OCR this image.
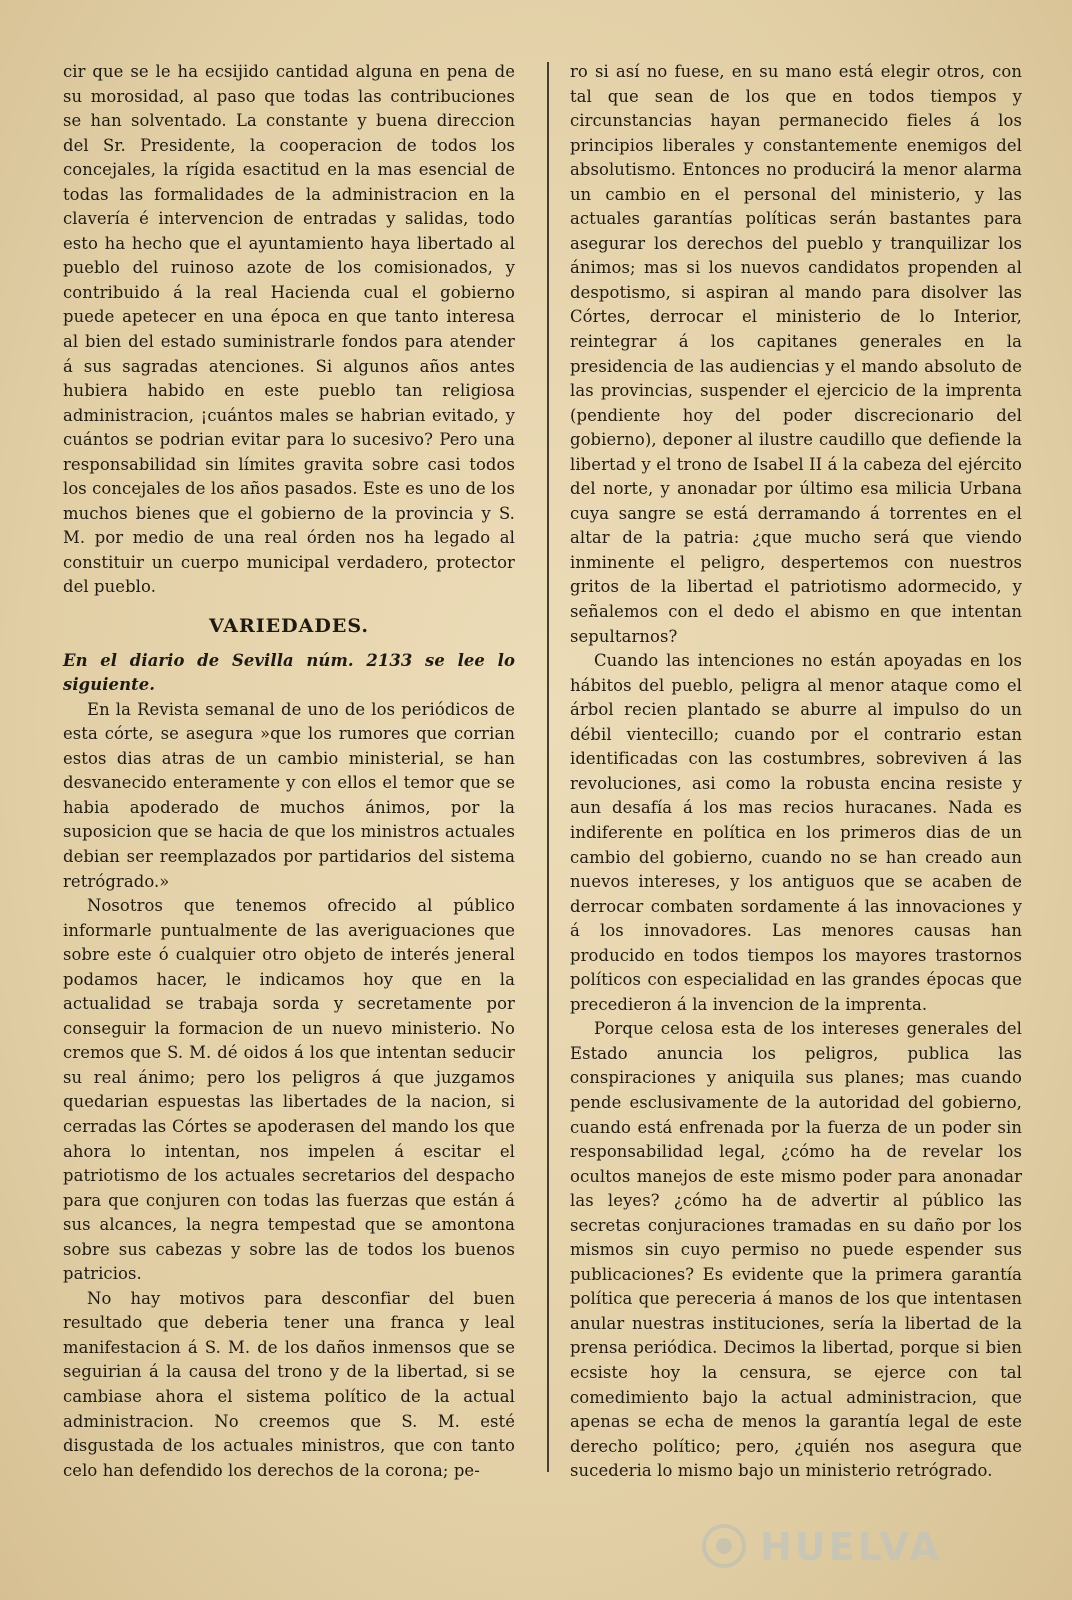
cir que se le ha ecsijido cantidad alguna en pena de su morosidad, al paso que todas las contribuciones se han solventado. La constante y buena direccion del Sr. Presidente, la cooperacion de todos los concejales, la rígida esactitud en la mas esencial de todas las formalidades de la administracion en la clavería é intervencion de entradas y salidas, todo esto ha hecho que el ayuntamiento haya libertado al pueblo del ruinoso azote de los comisionados, y contribuido á la real Hacienda cual el gobierno puede apetecer en una época en que tanto interesa al bien del estado suministrarle fondos para atender á sus sagradas atenciones. Si algunos años antes hubiera habido en este pueblo tan religiosa administracion, ¡cuántos males se habrian evitado, y cuántos se podrian evitar para lo sucesivo? Pero una responsabilidad sin límites gravita sobre casi todos los concejales de los años pasados. Este es uno de los muchos bienes que el gobierno de la provincia y S. M. por medio de una real órden nos ha legado al constituir un cuerpo municipal verdadero, protector del pueblo.

VARIEDADES.

En el diario de Sevilla núm. 2133 se lee lo siguiente.

En la Revista semanal de uno de los periódicos de esta córte, se asegura »que los rumores que corrian estos dias atras de un cambio ministerial, se han desvanecido enteramente y con ellos el temor que se habia apoderado de muchos ánimos, por la suposicion que se hacia de que los ministros actuales debian ser reemplazados por partidarios del sistema retrógrado.»

Nosotros que tenemos ofrecido al público informarle puntualmente de las averiguaciones que sobre este ó cualquier otro objeto de interés jeneral podamos hacer, le indicamos hoy que en la actualidad se trabaja sorda y secretamente por conseguir la formacion de un nuevo ministerio. No cremos que S. M. dé oidos á los que intentan seducir su real ánimo; pero los peligros á que juzgamos quedarian espuestas las libertades de la nacion, si cerradas las Córtes se apoderasen del mando los que ahora lo intentan, nos impelen á escitar el patriotismo de los actuales secretarios del despacho para que conjuren con todas las fuerzas que están á sus alcances, la negra tempestad que se amontona sobre sus cabezas y sobre las de todos los buenos patricios.

No hay motivos para desconfiar del buen resultado que deberia tener una franca y leal manifestacion á S. M. de los daños inmensos que se seguirian á la causa del trono y de la libertad, si se cambiase ahora el sistema político de la actual administracion. No creemos que S. M. esté disgustada de los actuales ministros, que con tanto celo han defendido los derechos de la corona; pe-

ro si así no fuese, en su mano está elegir otros, con tal que sean de los que en todos tiempos y circunstancias hayan permanecido fieles á los principios liberales y constantemente enemigos del absolutismo. Entonces no producirá la menor alarma un cambio en el personal del ministerio, y las actuales garantías políticas serán bastantes para asegurar los derechos del pueblo y tranquilizar los ánimos; mas si los nuevos candidatos propenden al despotismo, si aspiran al mando para disolver las Córtes, derrocar el ministerio de lo Interior, reintegrar á los capitanes generales en la presidencia de las audiencias y el mando absoluto de las provincias, suspender el ejercicio de la imprenta (pendiente hoy del poder discrecionario del gobierno), deponer al ilustre caudillo que defiende la libertad y el trono de Isabel II á la cabeza del ejército del norte, y anonadar por último esa milicia Urbana cuya sangre se está derramando á torrentes en el altar de la patria: ¿que mucho será que viendo inminente el peligro, despertemos con nuestros gritos de la libertad el patriotismo adormecido, y señalemos con el dedo el abismo en que intentan sepultarnos?

Cuando las intenciones no están apoyadas en los hábitos del pueblo, peligra al menor ataque como el árbol recien plantado se aburre al impulso do un débil vientecillo; cuando por el contrario estan identificadas con las costumbres, sobreviven á las revoluciones, asi como la robusta encina resiste y aun desafía á los mas recios huracanes. Nada es indiferente en política en los primeros dias de un cambio del gobierno, cuando no se han creado aun nuevos intereses, y los antiguos que se acaben de derrocar combaten sordamente á las innovaciones y á los innovadores. Las menores causas han producido en todos tiempos los mayores trastornos políticos con especialidad en las grandes épocas que precedieron á la invencion de la imprenta.

Porque celosa esta de los intereses generales del Estado anuncia los peligros, publica las conspiraciones y aniquila sus planes; mas cuando pende esclusivamente de la autoridad del gobierno, cuando está enfrenada por la fuerza de un poder sin responsabilidad legal, ¿cómo ha de revelar los ocultos manejos de este mismo poder para anonadar las leyes? ¿cómo ha de advertir al público las secretas conjuraciones tramadas en su daño por los mismos sin cuyo permiso no puede espender sus publicaciones? Es evidente que la primera garantía política que pereceria á manos de los que intentasen anular nuestras instituciones, sería la libertad de la prensa periódica. Decimos la libertad, porque si bien ecsiste hoy la censura, se ejerce con tal comedimiento bajo la actual administracion, que apenas se echa de menos la garantía legal de este derecho político; pero, ¿quién nos asegura que sucederia lo mismo bajo un ministerio retrógrado.

HUELVA
